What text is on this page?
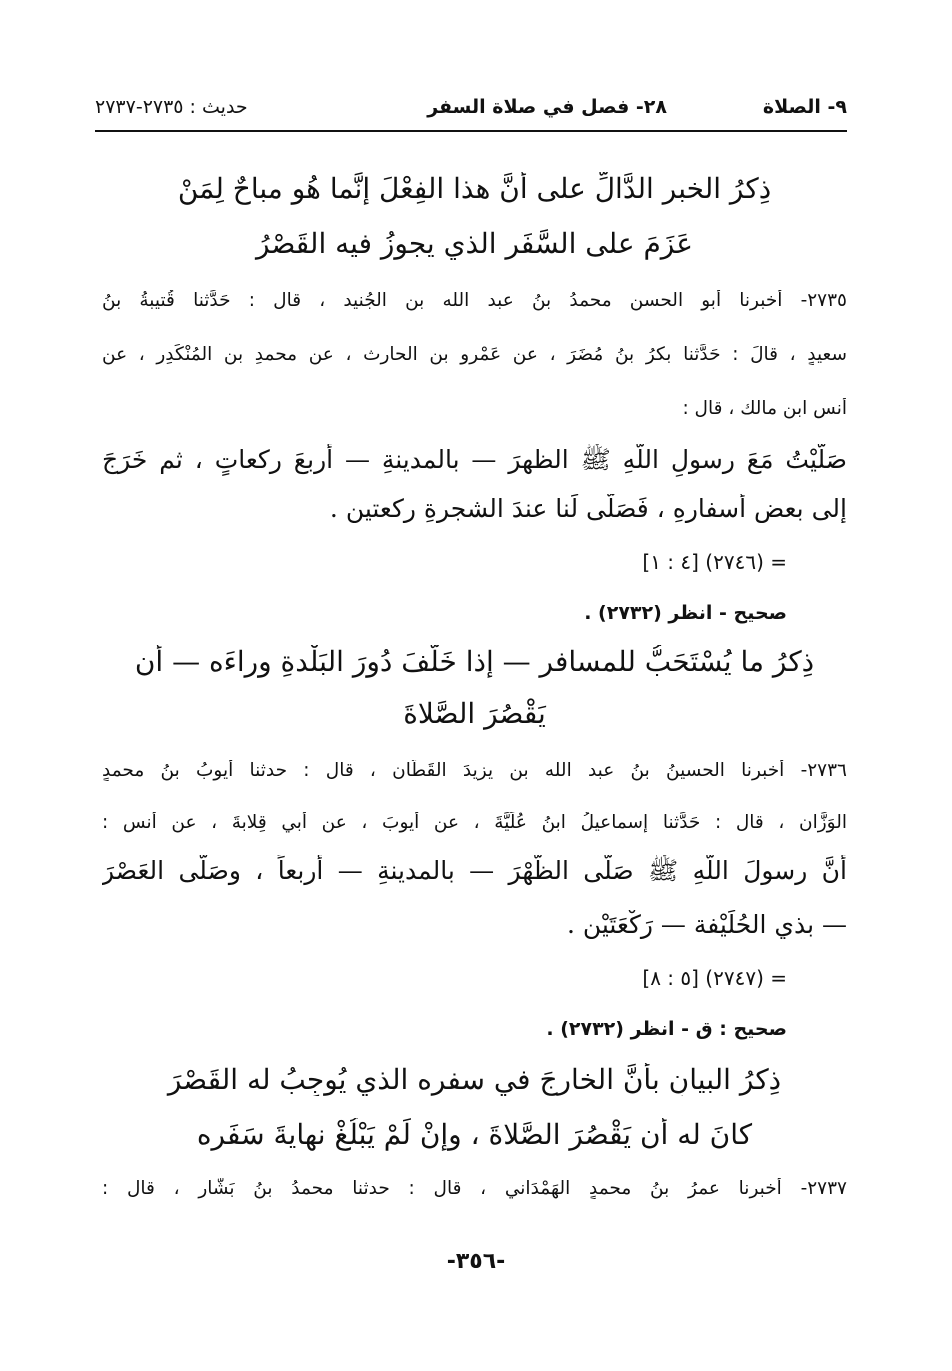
٩- الصلاة
٢٨- فصل في صلاة السفر
حديث : ٢٧٣٥-٢٧٣٧
ذِكرُ الخبرِ الدَّالِّ على أنَّ هذا الفِعْلَ إنَّما هُو مباحٌ لِمَنْ
عَزَمَ على السَّفَرِ الذي يجوزُ فيه القَصْرُ
٢٧٣٥- أخبرنا أبو الحسنِ محمدُ بنُ عبد الله بنِ الجُنيد ، قال : حَدَّثنا قُتيبةُ بنُ
سعيدٍ ، قالَ : حَدَّثنا بكرُ بنُ مُضَرَ ، عن عَمْرو بنِ الحارث ، عن محمدِ بنِ المُنْكَدِرِ ، عن
أنسِ ابنِ مالك ، قال :
صَلَّيْتُ مَعَ رسولِ اللّهِ ﷺ الظهرَ — بالمدينةِ — أربعَ ركعاتٍ ، ثم خَرَجَ
إلى بعضِ أسفارِهِ ، فَصَلَّى لَنا عندَ الشجرةِ ركعتينِ .
= (٢٧٤٦) [٤ : ١]
صحيح - انظر (٢٧٣٢) .
ذِكرُ ما يُسْتَحَبُّ للمسافرِ — إذا خَلَّفَ دُورَ البَلْدةِ وراءَه — أن
يَقْصُرَ الصَّلاةَ
٢٧٣٦- أخبرنا الحسينُ بنُ عبد الله بنِ يزيدَ القَطَّان ، قال : حدثنا أيوبُ بنُ محمدٍ
الوَزَّان ، قال : حَدَّثنا إسماعيلُ ابنُ عُلَيَّةَ ، عن أيوبَ ، عن أبي قِلابةَ ، عن أنسٍ :
أنَّ رسولَ اللّهِ ﷺ صَلَّى الظُّهْرَ — بالمدينةِ — أربعاً ، وصَلَّى العَصْرَ
— بذي الحُلَيْفة — رَكْعَتَيْنِ .
= (٢٧٤٧) [٥ : ٨]
صحيح : ق - انظر (٢٧٣٢) .
ذِكرُ البيانِ بأنَّ الخارجَ في سفره الذي يُوجِبُ له القَصْرَ
كانَ له أن يَقْصُرَ الصَّلاةَ ، وإنْ لَمْ يَبْلُغْ نهايةَ سَفَرِه
٢٧٣٧- أخبرنا عمرُ بنُ محمدٍ الهَمْدَاني ، قال : حدثنا محمدُ بنُ بَشَّار ، قال :
-٣٥٦-
